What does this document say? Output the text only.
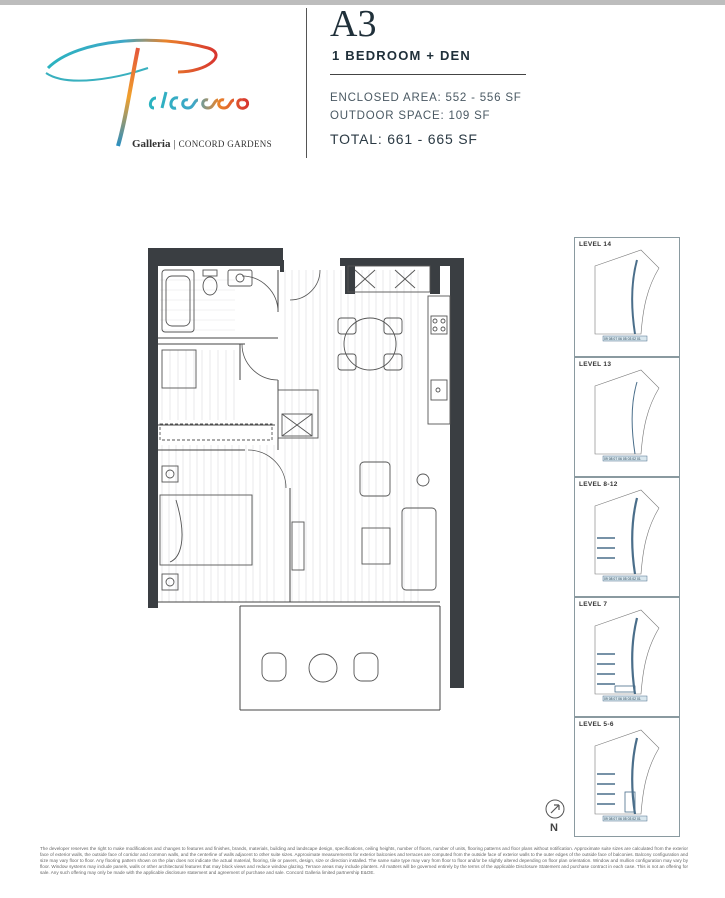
Galleria | CONCORD GARDENS
A3
1 BEDROOM + DEN
ENCLOSED AREA: 552 - 556 SF
OUTDOOR SPACE: 109 SF
TOTAL: 661 - 665 SF
LEVEL 14
09 08 07 06 05 03 02 01
LEVEL 13
09 08 07 06 05 03 02 01
LEVEL 8-12
09 08 07 06 05 03 02 01
LEVEL 7
09 08 07 06 05 03 02 01
LEVEL 5-6
09 08 07 06 05 03 02 01
N
The developer reserves the right to make modifications and changes to features and finishes, brands, materials, building and landscape design, specifications, ceiling heights, number of floors, number of units, flooring patterns and floor plans without notification. Approximate suite sizes are calculated from the exterior face of exterior walls, the outside face of corridor and common walls, and the centerline of walls adjacent to other suite sizes. Approximate measurements for exterior balconies and terraces are computed from the outside face of exterior walls to the outer edges of the outside face of balconies. Balcony configuration and size may vary floor to floor. Any flooring pattern shown on the plan does not indicate the actual material, flooring, tile or pavers, design, size or direction installed. The same suite type may vary from floor to floor and/or be slightly altered depending on floor plan orientation. Window and mullion configuration may vary by floor. Window systems may include panels, walls or other architectural features that may block views and reduce window glazing. Terrace areas may include planters. All matters will be governed entirely by the terms of the applicable Disclosure Statement and purchase contract in each case. This is not an offering for sale. Any such offering may only be made with the applicable disclosure statement and agreement of purchase and sale. Concord Galleria limited partnership E&OE.
